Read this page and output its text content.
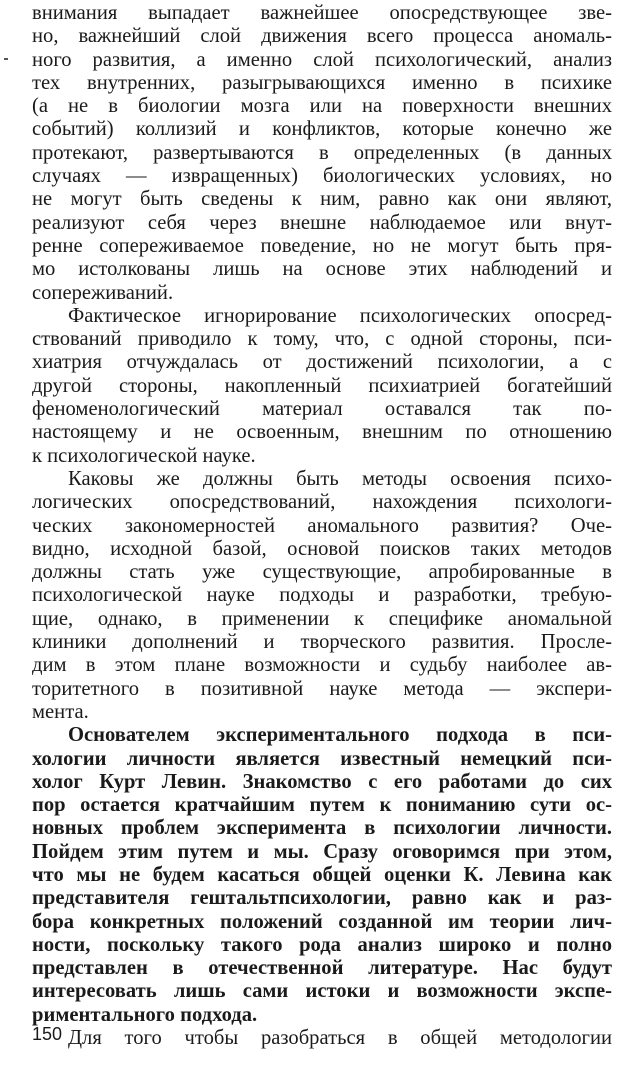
внимания выпадает важнейшее опосредствующее зве-
но, важнейший слой движения всего процесса аномаль-
ного развития, а именно слой психологический, анализ
тех внутренних, разыгрывающихся именно в психике
(а не в биологии мозга или на поверхности внешних
событий) коллизий и конфликтов, которые конечно же
протекают, развертываются в определенных (в данных
случаях — извращенных) биологических условиях, но
не могут быть сведены к ним, равно как они являют,
реализуют себя через внешне наблюдаемое или внут-
ренне сопереживаемое поведение, но не могут быть пря-
мо истолкованы лишь на основе этих наблюдений и
сопереживаний.

Фактическое игнорирование психологических опосред-
ствований приводило к тому, что, с одной стороны, пси-
хиатрия отчуждалась от достижений психологии, а с
другой стороны, накопленный психиатрией богатейший
феноменологический материал оставался так по-
настоящему и не освоенным, внешним по отношению
к психологической науке.

Каковы же должны быть методы освоения психо-
логических опосредствований, нахождения психологи-
ческих закономерностей аномального развития? Оче-
видно, исходной базой, основой поисков таких методов
должны стать уже существующие, апробированные в
психологической науке подходы и разработки, требую-
щие, однако, в применении к специфике аномальной
клиники дополнений и творческого развития. Просле-
дим в этом плане возможности и судьбу наиболее ав-
торитетного в позитивной науке метода — экспери-
мента.

Основателем экспериментального подхода в пси-
хологии личности является известный немецкий пси-
холог Курт Левин. Знакомство с его работами до сих
пор остается кратчайшим путем к пониманию сути ос-
новных проблем эксперимента в психологии личности.
Пойдем этим путем и мы. Сразу оговоримся при этом,
что мы не будем касаться общей оценки К. Левина как
представителя гештальтпсихологии, равно как и раз-
бора конкретных положений созданной им теории лич-
ности, поскольку такого рода анализ широко и полно
представлен в отечественной литературе. Нас будут
интересовать лишь сами истоки и возможности экспе-
риментального подхода.

Для того чтобы разобраться в общей методологии

150
